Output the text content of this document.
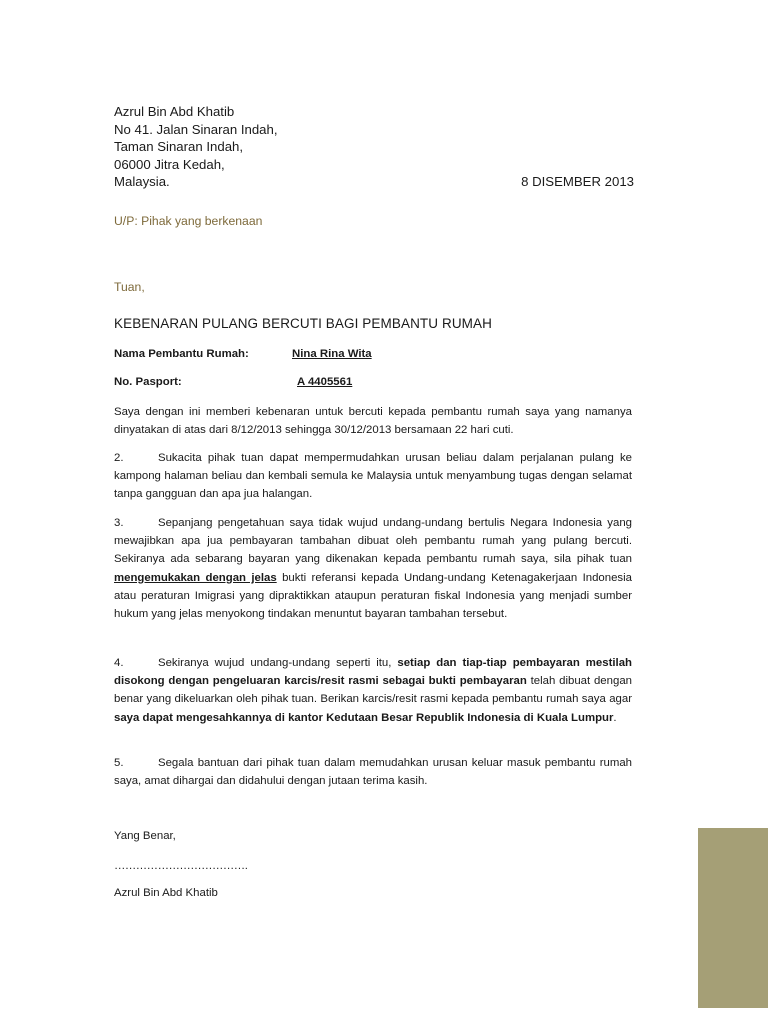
Azrul Bin Abd Khatib
No 41. Jalan Sinaran Indah,
Taman Sinaran Indah,
06000 Jitra Kedah,
Malaysia.	8 DISEMBER 2013
U/P: Pihak yang berkenaan
Tuan,
KEBENARAN PULANG BERCUTI BAGI PEMBANTU RUMAH
Nama Pembantu Rumah:	Nina Rina Wita
No. Pasport:	A 4405561
Saya dengan ini memberi kebenaran untuk bercuti kepada pembantu rumah saya yang namanya dinyatakan di atas dari 8/12/2013 sehingga 30/12/2013 bersamaan 22 hari cuti.
2.	Sukacita pihak tuan dapat mempermudahkan urusan beliau dalam perjalanan pulang ke kampong halaman beliau dan kembali semula ke Malaysia untuk menyambung tugas dengan selamat tanpa gangguan dan apa jua halangan.
3.	Sepanjang pengetahuan saya tidak wujud undang-undang bertulis Negara Indonesia yang mewajibkan apa jua pembayaran tambahan dibuat oleh pembantu rumah yang pulang bercuti. Sekiranya ada sebarang bayaran yang dikenakan kepada pembantu rumah saya, sila pihak tuan mengemukakan dengan jelas bukti referansi kepada Undang-undang Ketenagakerjaan Indonesia atau peraturan Imigrasi yang dipraktikkan ataupun peraturan fiskal Indonesia yang menjadi sumber hukum yang jelas menyokong tindakan menuntut bayaran tambahan tersebut.
4.	Sekiranya wujud undang-undang seperti itu, setiap dan tiap-tiap pembayaran mestilah disokong dengan pengeluaran karcis/resit rasmi sebagai bukti pembayaran telah dibuat dengan benar yang dikeluarkan oleh pihak tuan. Berikan karcis/resit rasmi kepada pembantu rumah saya agar saya dapat mengesahkannya di kantor Kedutaan Besar Republik Indonesia di Kuala Lumpur.
5.	Segala bantuan dari pihak tuan dalam memudahkan urusan keluar masuk pembantu rumah saya, amat dihargai dan didahului dengan jutaan terima kasih.
Yang Benar,
……………………………….
Azrul Bin Abd Khatib
